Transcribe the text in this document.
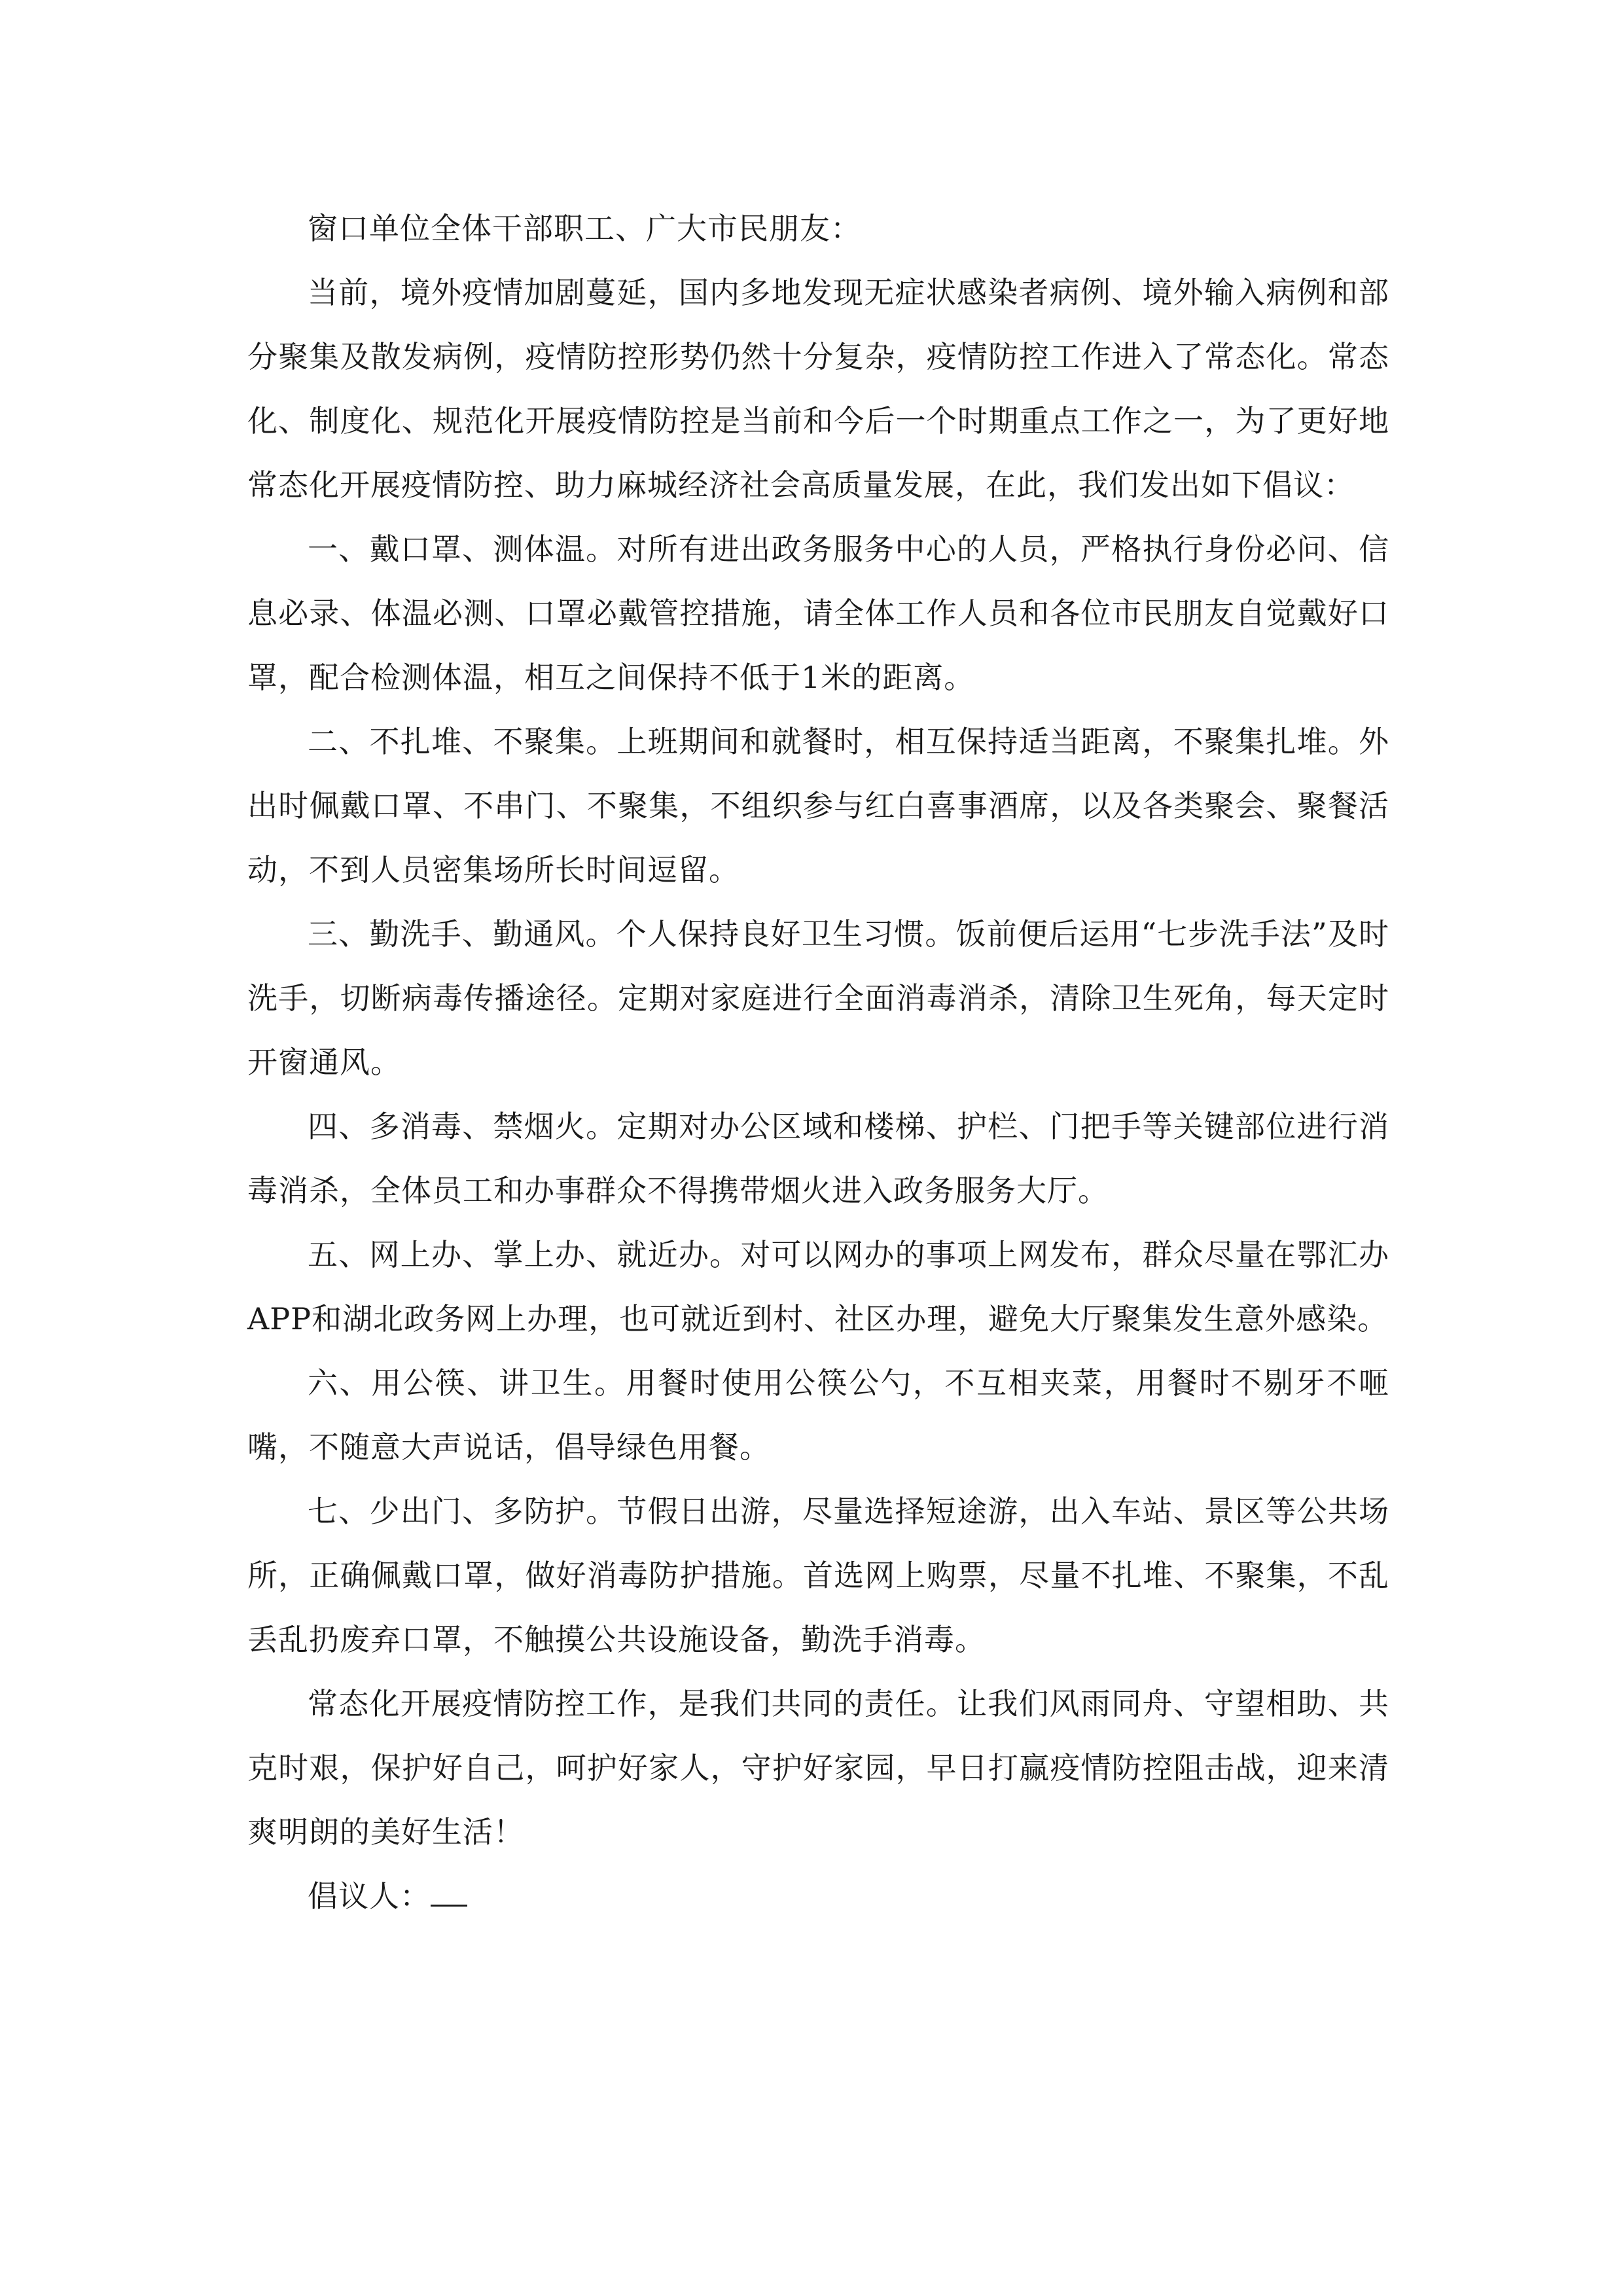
窗口单位全体干部职工、广大市民朋友：

当前，境外疫情加剧蔓延，国内多地发现无症状感染者病例、境外输入病例和部分聚集及散发病例，疫情防控形势仍然十分复杂，疫情防控工作进入了常态化。常态化、制度化、规范化开展疫情防控是当前和今后一个时期重点工作之一，为了更好地常态化开展疫情防控、助力麻城经济社会高质量发展，在此，我们发出如下倡议：

一、戴口罩、测体温。对所有进出政务服务中心的人员，严格执行身份必问、信息必录、体温必测、口罩必戴管控措施，请全体工作人员和各位市民朋友自觉戴好口罩，配合检测体温，相互之间保持不低于1米的距离。

二、不扎堆、不聚集。上班期间和就餐时，相互保持适当距离，不聚集扎堆。外出时佩戴口罩、不串门、不聚集，不组织参与红白喜事酒席，以及各类聚会、聚餐活动，不到人员密集场所长时间逗留。

三、勤洗手、勤通风。个人保持良好卫生习惯。饭前便后运用“七步洗手法”及时洗手，切断病毒传播途径。定期对家庭进行全面消毒消杀，清除卫生死角，每天定时开窗通风。

四、多消毒、禁烟火。定期对办公区域和楼梯、护栏、门把手等关键部位进行消毒消杀，全体员工和办事群众不得携带烟火进入政务服务大厅。

五、网上办、掌上办、就近办。对可以网办的事项上网发布，群众尽量在鄂汇办APP和湖北政务网上办理，也可就近到村、社区办理，避免大厅聚集发生意外感染。

六、用公筷、讲卫生。用餐时使用公筷公勺，不互相夹菜，用餐时不剔牙不咂嘴，不随意大声说话，倡导绿色用餐。

七、少出门、多防护。节假日出游，尽量选择短途游，出入车站、景区等公共场所，正确佩戴口罩，做好消毒防护措施。首选网上购票，尽量不扎堆、不聚集，不乱丢乱扔废弃口罩，不触摸公共设施设备，勤洗手消毒。

常态化开展疫情防控工作，是我们共同的责任。让我们风雨同舟、守望相助、共克时艰，保护好自己，呵护好家人，守护好家园，早日打赢疫情防控阻击战，迎来清爽明朗的美好生活！

倡议人：
